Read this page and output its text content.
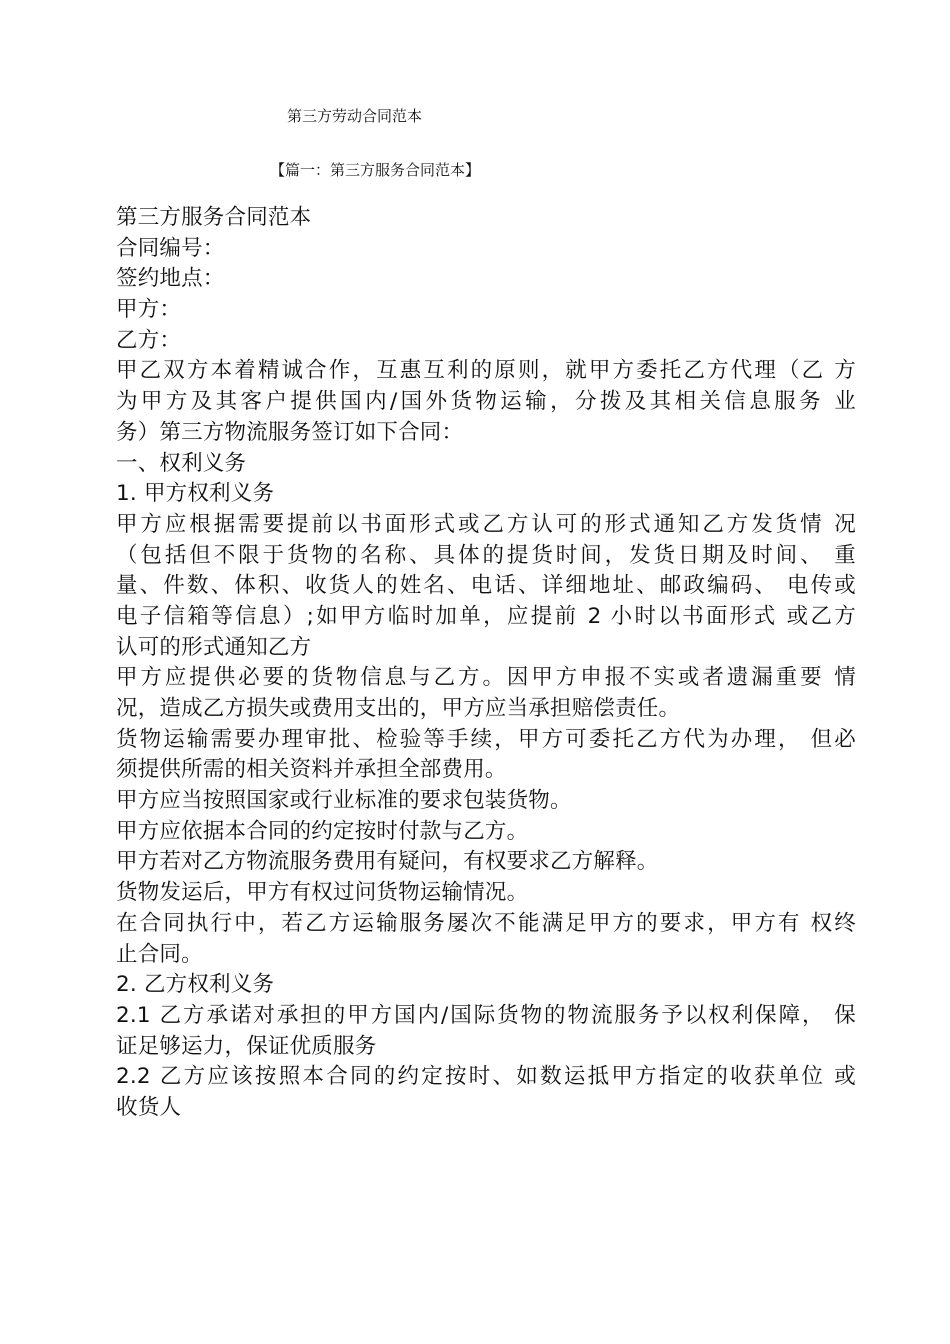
第三方劳动合同范本
【篇一：第三方服务合同范本】
第三方服务合同范本
合同编号：
签约地点：
甲方：
乙方：
甲乙双方本着精诚合作，互惠互利的原则，就甲方委托乙方代理（乙 方
为甲方及其客户提供国内/国外货物运输，分拨及其相关信息服务 业
务）第三方物流服务签订如下合同：
一、权利义务
1. 甲方权利义务
甲方应根据需要提前以书面形式或乙方认可的形式通知乙方发货情 况
（包括但不限于货物的名称、具体的提货时间，发货日期及时间、 重
量、件数、体积、收货人的姓名、电话、详细地址、邮政编码、 电传或
电子信箱等信息）;如甲方临时加单，应提前 2 小时以书面形式 或乙方
认可的形式通知乙方
甲方应提供必要的货物信息与乙方。因甲方申报不实或者遗漏重要 情
况，造成乙方损失或费用支出的，甲方应当承担赔偿责任。
货物运输需要办理审批、检验等手续，甲方可委托乙方代为办理， 但必
须提供所需的相关资料并承担全部费用。
甲方应当按照国家或行业标准的要求包装货物。
甲方应依据本合同的约定按时付款与乙方。
甲方若对乙方物流服务费用有疑问，有权要求乙方解释。
货物发运后，甲方有权过问货物运输情况。
在合同执行中，若乙方运输服务屡次不能满足甲方的要求，甲方有 权终
止合同。
2. 乙方权利义务
2.1 乙方承诺对承担的甲方国内/国际货物的物流服务予以权利保障， 保
证足够运力，保证优质服务
2.2 乙方应该按照本合同的约定按时、如数运抵甲方指定的收获单位 或
收货人
